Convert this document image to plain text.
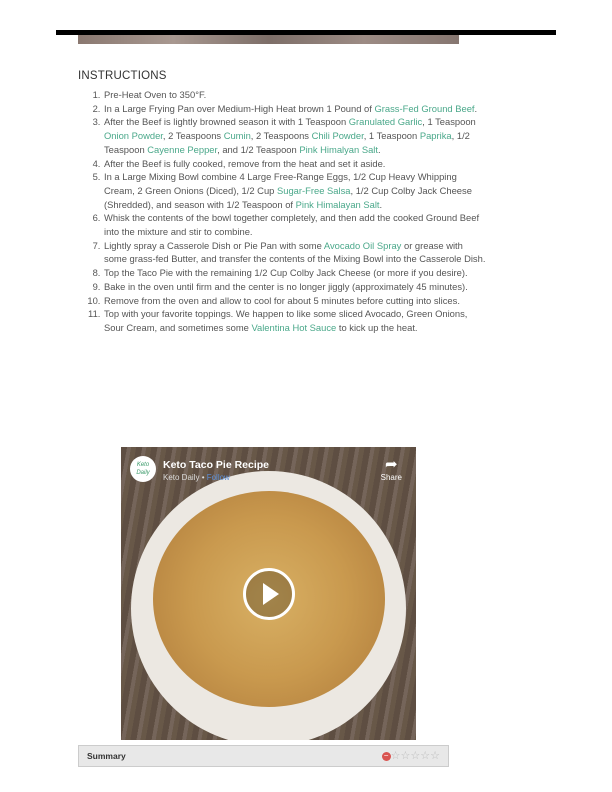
INSTRUCTIONS
1. Pre-Heat Oven to 350°F.
2. In a Large Frying Pan over Medium-High Heat brown 1 Pound of Grass-Fed Ground Beef.
3. After the Beef is lightly browned season it with 1 Teaspoon Granulated Garlic, 1 Teaspoon Onion Powder, 2 Teaspoons Cumin, 2 Teaspoons Chili Powder, 1 Teaspoon Paprika, 1/2 Teaspoon Cayenne Pepper, and 1/2 Teaspoon Pink Himalyan Salt.
4. After the Beef is fully cooked, remove from the heat and set it aside.
5. In a Large Mixing Bowl combine 4 Large Free-Range Eggs, 1/2 Cup Heavy Whipping Cream, 2 Green Onions (Diced), 1/2 Cup Sugar-Free Salsa, 1/2 Cup Colby Jack Cheese (Shredded), and season with 1/2 Teaspoon of Pink Himalayan Salt.
6. Whisk the contents of the bowl together completely, and then add the cooked Ground Beef into the mixture and stir to combine.
7. Lightly spray a Casserole Dish or Pie Pan with some Avocado Oil Spray or grease with some grass-fed Butter, and transfer the contents of the Mixing Bowl into the Casserole Dish.
8. Top the Taco Pie with the remaining 1/2 Cup Colby Jack Cheese (or more if you desire).
9. Bake in the oven until firm and the center is no longer jiggly (approximately 45 minutes).
10. Remove from the oven and allow to cool for about 5 minutes before cutting into slices.
11. Top with your favorite toppings. We happen to like some sliced Avocado, Green Onions, Sour Cream, and sometimes some Valentina Hot Sauce to kick up the heat.
Keto Daily
Keto Taco Pie Recipe
Keto Daily • Follow
➦
Share
Summary	− ☆☆☆☆☆
